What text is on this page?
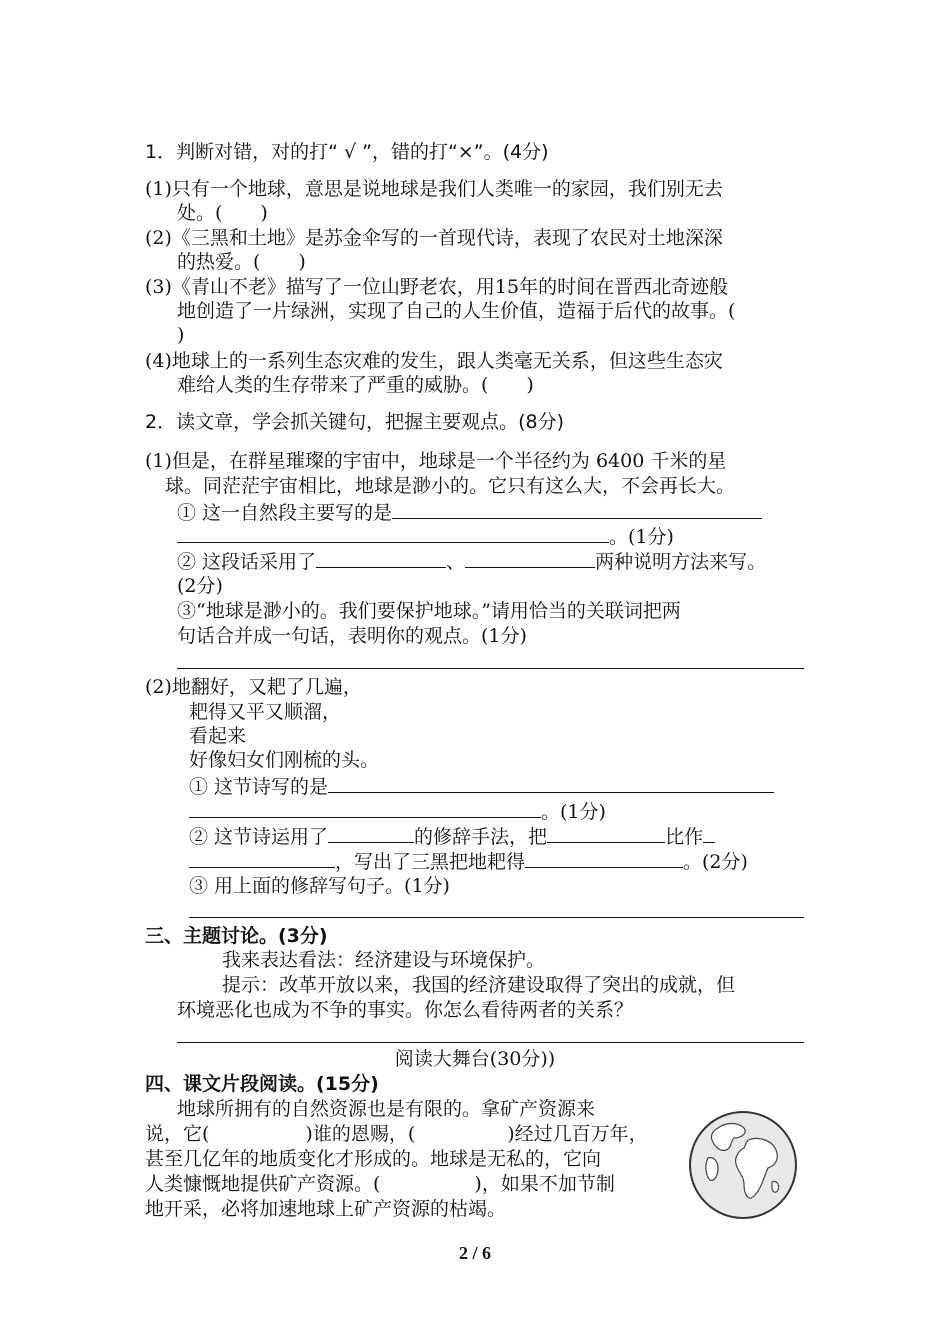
1．判断对错，对的打“ √ ”，错的打“×”。(4分)
(1)只有一个地球，意思是说地球是我们人类唯一的家园，我们别无去
处。(　　)
(2)《三黑和土地》是苏金伞写的一首现代诗，表现了农民对土地深深
的热爱。(　　)
(3)《青山不老》描写了一位山野老农，用15年的时间在晋西北奇迹般
地创造了一片绿洲，实现了自己的人生价值，造福于后代的故事。(
)
(4)地球上的一系列生态灾难的发生，跟人类毫无关系，但这些生态灾
难给人类的生存带来了严重的威胁。(　　)
2．读文章，学会抓关键句，把握主要观点。(8分)
(1)但是，在群星璀璨的宇宙中，地球是一个半径约为 6400 千米的星
球。同茫茫宇宙相比，地球是渺小的。它只有这么大，不会再长大。
① 这一自然段主要写的是
。(1分)
② 这段话采用了	、	两种说明方法来写。
(2分)
③“地球是渺小的。我们要保护地球。”请用恰当的关联词把两
句话合并成一句话，表明你的观点。(1分)
(2)地翻好，又耙了几遍，
耙得又平又顺溜，
看起来
好像妇女们刚梳的头。
① 这节诗写的是
。(1分)
② 这节诗运用了	的修辞手法，把	比作
，写出了三黑把地耙得	。(2分)
③ 用上面的修辞写句子。(1分)
三、主题讨论。(3分)
我来表达看法：经济建设与环境保护。
提示：改革开放以来，我国的经济建设取得了突出的成就，但
环境恶化也成为不争的事实。你怎么看待两者的关系？
阅读大舞台(30分))
四、课文片段阅读。(15分)
地球所拥有的自然资源也是有限的。拿矿产资源来
说，它(	)谁的恩赐，(	)经过几百万年，
甚至几亿年的地质变化才形成的。地球是无私的，它向
人类慷慨地提供矿产资源。(	)，如果不加节制
地开采，必将加速地球上矿产资源的枯竭。
2 / 6
